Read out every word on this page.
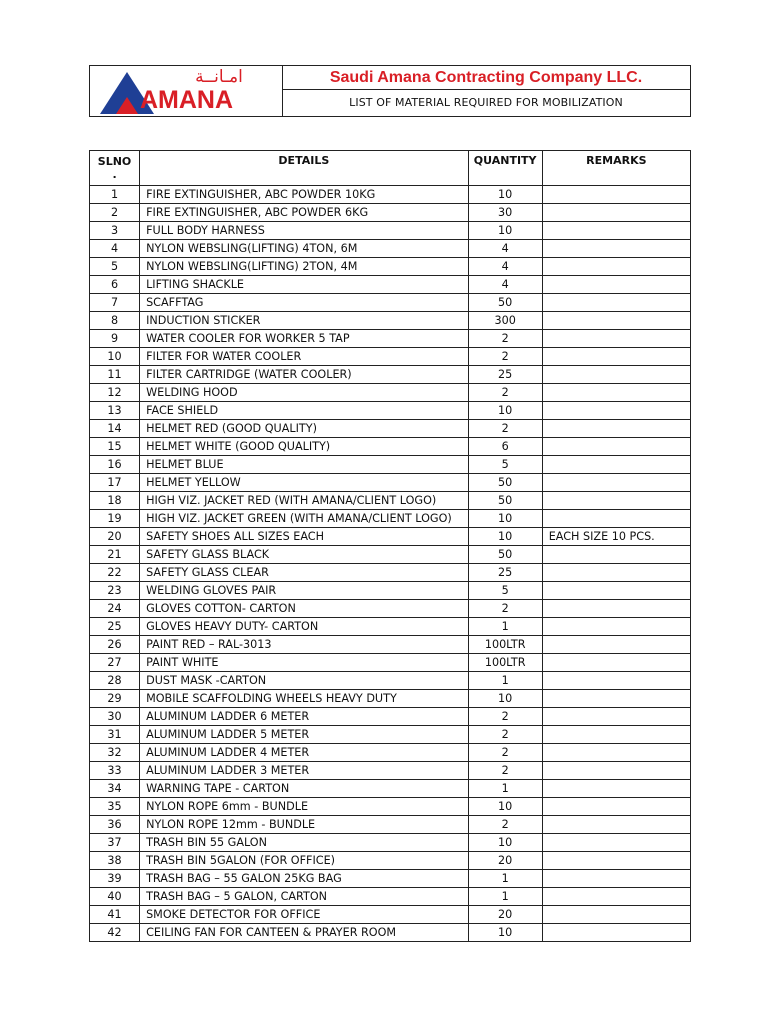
امـانــة
AMANA
Saudi Amana Contracting Company LLC.
LIST OF MATERIAL REQUIRED FOR MOBILIZATION
SLNO
.	DETAILS	QUANTITY	REMARKS
1	FIRE EXTINGUISHER, ABC POWDER 10KG	10	
2	FIRE EXTINGUISHER, ABC POWDER 6KG	30	
3	FULL BODY HARNESS	10	
4	NYLON WEBSLING(LIFTING) 4TON, 6M	4	
5	NYLON WEBSLING(LIFTING) 2TON, 4M	4	
6	LIFTING SHACKLE	4	
7	SCAFFTAG	50	
8	INDUCTION STICKER	300	
9	WATER COOLER FOR WORKER 5 TAP	2	
10	FILTER FOR WATER COOLER	2	
11	FILTER CARTRIDGE (WATER COOLER)	25	
12	WELDING HOOD	2	
13	FACE SHIELD	10	
14	HELMET RED (GOOD QUALITY)	2	
15	HELMET WHITE (GOOD QUALITY)	6	
16	HELMET BLUE	5	
17	HELMET YELLOW	50	
18	HIGH VIZ. JACKET RED (WITH AMANA/CLIENT LOGO)	50	
19	HIGH VIZ. JACKET GREEN (WITH AMANA/CLIENT LOGO)	10	
20	SAFETY SHOES ALL SIZES EACH	10	EACH SIZE 10 PCS.
21	SAFETY GLASS BLACK	50	
22	SAFETY GLASS CLEAR	25	
23	WELDING GLOVES PAIR	5	
24	GLOVES COTTON- CARTON	2	
25	GLOVES HEAVY DUTY- CARTON	1	
26	PAINT RED – RAL-3013	100LTR	
27	PAINT WHITE	100LTR	
28	DUST MASK -CARTON	1	
29	MOBILE SCAFFOLDING WHEELS HEAVY DUTY	10	
30	ALUMINUM LADDER 6 METER	2	
31	ALUMINUM LADDER 5 METER	2	
32	ALUMINUM LADDER 4 METER	2	
33	ALUMINUM LADDER 3 METER	2	
34	WARNING TAPE - CARTON	1	
35	NYLON ROPE 6mm - BUNDLE	10	
36	NYLON ROPE 12mm - BUNDLE	2	
37	TRASH BIN 55 GALON	10	
38	TRASH BIN 5GALON (FOR OFFICE)	20	
39	TRASH BAG – 55 GALON 25KG BAG	1	
40	TRASH BAG – 5 GALON, CARTON	1	
41	SMOKE DETECTOR FOR OFFICE	20	
42	CEILING FAN FOR CANTEEN & PRAYER ROOM	10	
